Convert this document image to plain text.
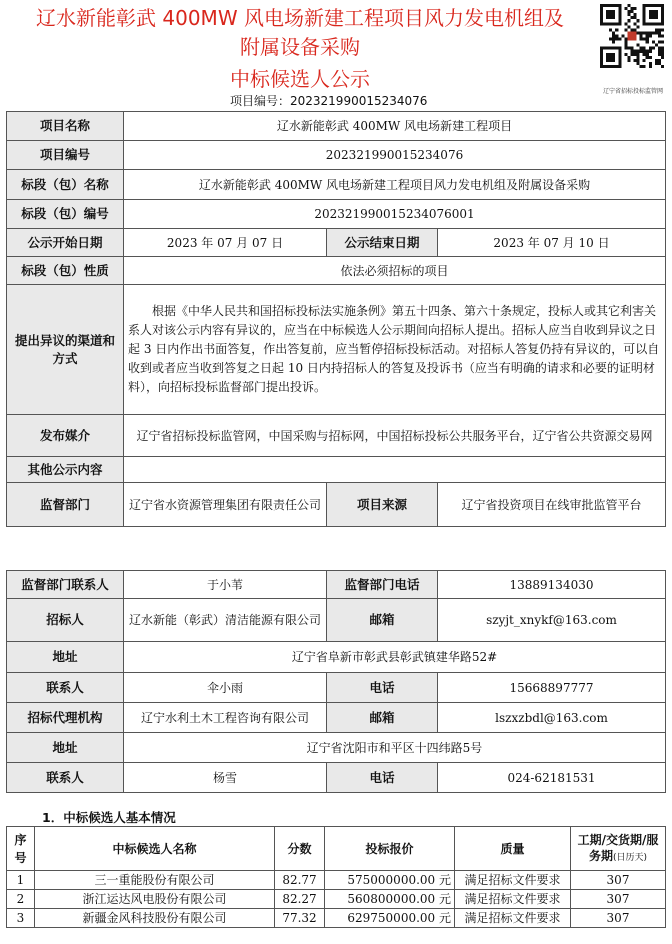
辽水新能彰武 400MW 风电场新建工程项目风力发电机组及
附属设备采购
中标候选人公示
辽宁省招标投标监管网
项目编号：202321990015234076
项目名称	辽水新能彰武 400MW 风电场新建工程项目		
项目编号	202321990015234076		
标段（包）名称	辽水新能彰武 400MW 风电场新建工程项目风力发电机组及附属设备采购		
标段（包）编号	202321990015234076001		
公示开始日期	2023 年 07 月 07 日	公示结束日期	2023 年 07 月 10 日
标段（包）性质	依法必须招标的项目		
提出异议的渠道和方式	根据《中华人民共和国招标投标法实施条例》第五十四条、第六十条规定，投标人或其它利害关系人对该公示内容有异议的，应当在中标候选人公示期间向招标人提出。招标人应当自收到异议之日起 3 日内作出书面答复，作出答复前，应当暂停招标投标活动。对招标人答复仍持有异议的，可以自收到或者应当收到答复之日起 10 日内持招标人的答复及投诉书（应当有明确的请求和必要的证明材料），向招标投标监督部门提出投诉。		
发布媒介	辽宁省招标投标监管网，中国采购与招标网，中国招标投标公共服务平台，辽宁省公共资源交易网		
其他公示内容			
监督部门	辽宁省水资源管理集团有限责任公司	项目来源	辽宁省投资项目在线审批监管平台
监督部门联系人	于小苇	监督部门电话	13889134030
招标人	辽水新能（彰武）清洁能源有限公司	邮箱	szyjt_xnykf@163.com
地址	辽宁省阜新市彰武县彰武镇建华路52#		
联系人	伞小雨	电话	15668897777
招标代理机构	辽宁水利土木工程咨询有限公司	邮箱	lszxzbdl@163.com
地址	辽宁省沈阳市和平区十四纬路5号		
联系人	杨雪	电话	024-62181531
1．中标候选人基本情况
序号	中标候选人名称	分数	投标报价	质量	工期/交货期/服务期(日历天)
1	三一重能股份有限公司	82.77	575000000.00 元	满足招标文件要求	307
2	浙江运达风电股份有限公司	82.27	560800000.00 元	满足招标文件要求	307
3	新疆金风科技股份有限公司	77.32	629750000.00 元	满足招标文件要求	307
